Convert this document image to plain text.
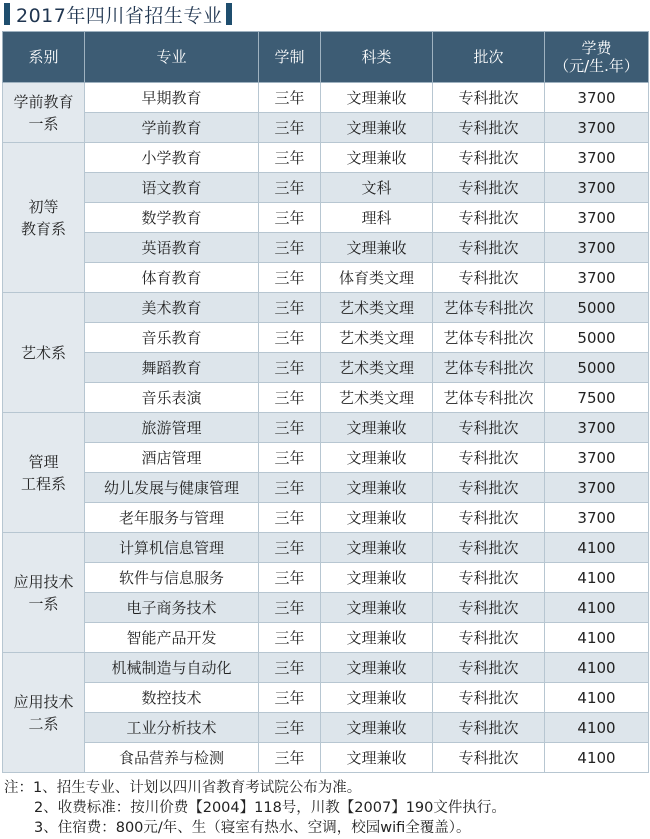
2017年四川省招生专业
系别	专业	学制	科类	批次	学费
（元/生.年）

学前教育
一系	早期教育	三年	文理兼收	专科批次	3700
	学前教育	三年	文理兼收	专科批次	3700

初等
教育系	小学教育	三年	文理兼收	专科批次	3700
	语文教育	三年	文科	专科批次	3700
	数学教育	三年	理科	专科批次	3700
	英语教育	三年	文理兼收	专科批次	3700
	体育教育	三年	体育类文理	专科批次	3700

艺术系	美术教育	三年	艺术类文理	艺体专科批次	5000
	音乐教育	三年	艺术类文理	艺体专科批次	5000
	舞蹈教育	三年	艺术类文理	艺体专科批次	5000
	音乐表演	三年	艺术类文理	艺体专科批次	7500

管理
工程系	旅游管理	三年	文理兼收	专科批次	3700
	酒店管理	三年	文理兼收	专科批次	3700
	幼儿发展与健康管理	三年	文理兼收	专科批次	3700
	老年服务与管理	三年	文理兼收	专科批次	3700

应用技术
一系	计算机信息管理	三年	文理兼收	专科批次	4100
	软件与信息服务	三年	文理兼收	专科批次	4100
	电子商务技术	三年	文理兼收	专科批次	4100
	智能产品开发	三年	文理兼收	专科批次	4100

应用技术
二系	机械制造与自动化	三年	文理兼收	专科批次	4100
	数控技术	三年	文理兼收	专科批次	4100
	工业分析技术	三年	文理兼收	专科批次	4100
	食品营养与检测	三年	文理兼收	专科批次	4100
注：1、招生专业、计划以四川省教育考试院公布为准。
2、收费标准：按川价费【2004】118号，川教【2007】190文件执行。
3、住宿费：800元/年、生（寝室有热水、空调，校园wifi全覆盖）。
